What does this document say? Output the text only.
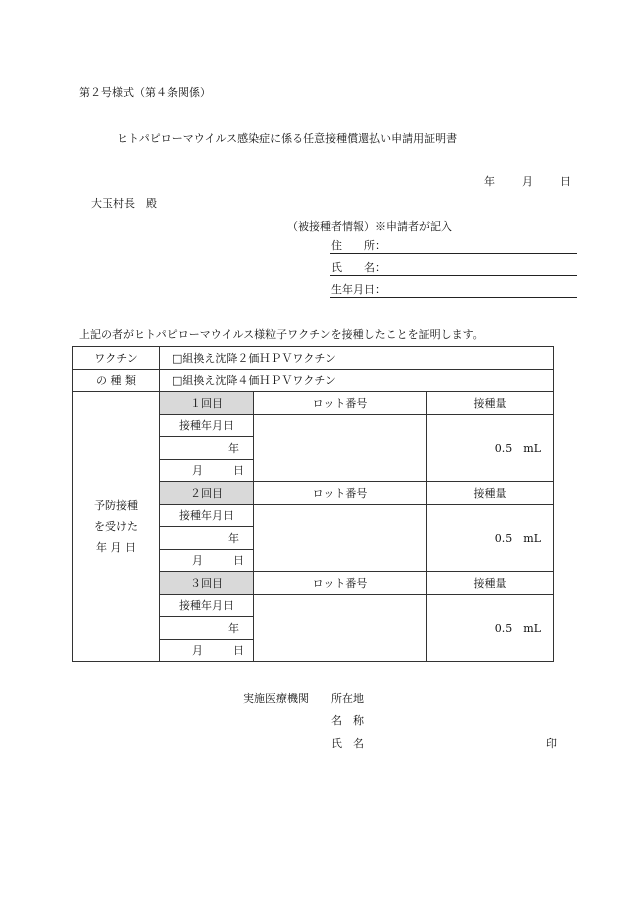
第２号様式（第４条関係）
ヒトパピローマウイルス感染症に係る任意接種償還払い申請用証明書
年 月 日
大玉村長　殿
（被接種者情報）※申請者が記入
住　　所：
氏　　名：
生年月日：
上記の者がヒトパピローマウイルス様粒子ワクチンを接種したことを証明します。
ワクチン	□組換え沈降２価ＨＰＶワクチン		
の 種 類	□組換え沈降４価ＨＰＶワクチン		

予防接種
を受けた
年 月 日	１回目	ロット番号	接種量
	接種年月日		0.5　mL
	年		
	月 日		
	２回目	ロット番号	接種量
	接種年月日		0.5　mL
	年		
	月 日		
	３回目	ロット番号	接種量
	接種年月日		0.5　mL
	年		
	月 日		
実施医療機関 所在地
名　称
氏　名	印
